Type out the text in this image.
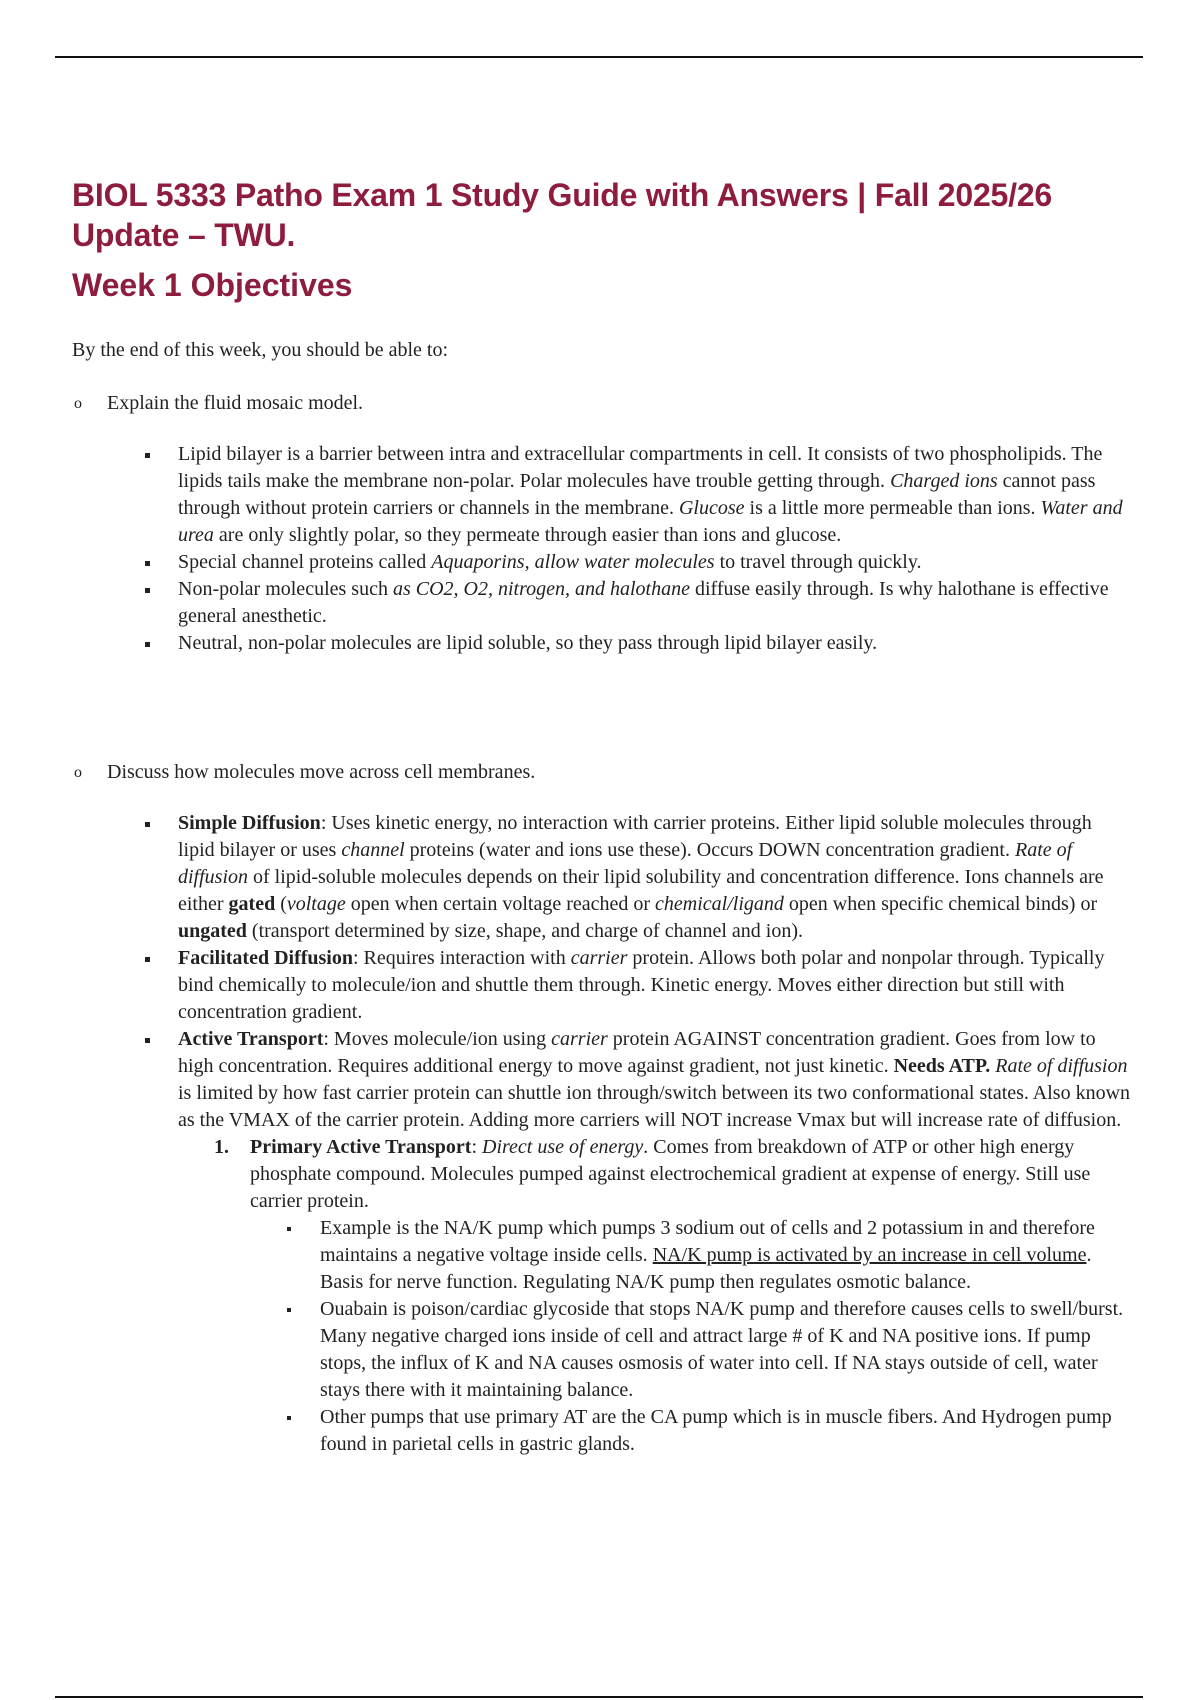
BIOL 5333 Patho Exam 1 Study Guide with Answers | Fall 2025/26 Update – TWU.
Week 1 Objectives

By the end of this week, you should be able to:

o Explain the fluid mosaic model.
Lipid bilayer is a barrier between intra and extracellular compartments in cell. It consists of two phospholipids. The lipids tails make the membrane non-polar. Polar molecules have trouble getting through. Charged ions cannot pass through without protein carriers or channels in the membrane. Glucose is a little more permeable than ions. Water and urea are only slightly polar, so they permeate through easier than ions and glucose.
Special channel proteins called Aquaporins, allow water molecules to travel through quickly.
Non-polar molecules such as CO2, O2, nitrogen, and halothane diffuse easily through. Is why halothane is effective general anesthetic.
Neutral, non-polar molecules are lipid soluble, so they pass through lipid bilayer easily.
o Discuss how molecules move across cell membranes.
Simple Diffusion: Uses kinetic energy, no interaction with carrier proteins. Either lipid soluble molecules through lipid bilayer or uses channel proteins (water and ions use these). Occurs DOWN concentration gradient. Rate of diffusion of lipid-soluble molecules depends on their lipid solubility and concentration difference. Ions channels are either gated (voltage open when certain voltage reached or chemical/ligand open when specific chemical binds) or ungated (transport determined by size, shape, and charge of channel and ion).
Facilitated Diffusion: Requires interaction with carrier protein. Allows both polar and nonpolar through. Typically bind chemically to molecule/ion and shuttle them through. Kinetic energy. Moves either direction but still with concentration gradient.
Active Transport: Moves molecule/ion using carrier protein AGAINST concentration gradient. Goes from low to high concentration. Requires additional energy to move against gradient, not just kinetic. Needs ATP. Rate of diffusion is limited by how fast carrier protein can shuttle ion through/switch between its two conformational states. Also known as the VMAX of the carrier protein. Adding more carriers will NOT increase Vmax but will increase rate of diffusion.
1. Primary Active Transport: Direct use of energy. Comes from breakdown of ATP or other high energy phosphate compound. Molecules pumped against electrochemical gradient at expense of energy. Still use carrier protein.
Example is the NA/K pump which pumps 3 sodium out of cells and 2 potassium in and therefore maintains a negative voltage inside cells. NA/K pump is activated by an increase in cell volume. Basis for nerve function. Regulating NA/K pump then regulates osmotic balance.
Ouabain is poison/cardiac glycoside that stops NA/K pump and therefore causes cells to swell/burst. Many negative charged ions inside of cell and attract large # of K and NA positive ions. If pump stops, the influx of K and NA causes osmosis of water into cell. If NA stays outside of cell, water stays there with it maintaining balance.
Other pumps that use primary AT are the CA pump which is in muscle fibers. And Hydrogen pump found in parietal cells in gastric glands.
